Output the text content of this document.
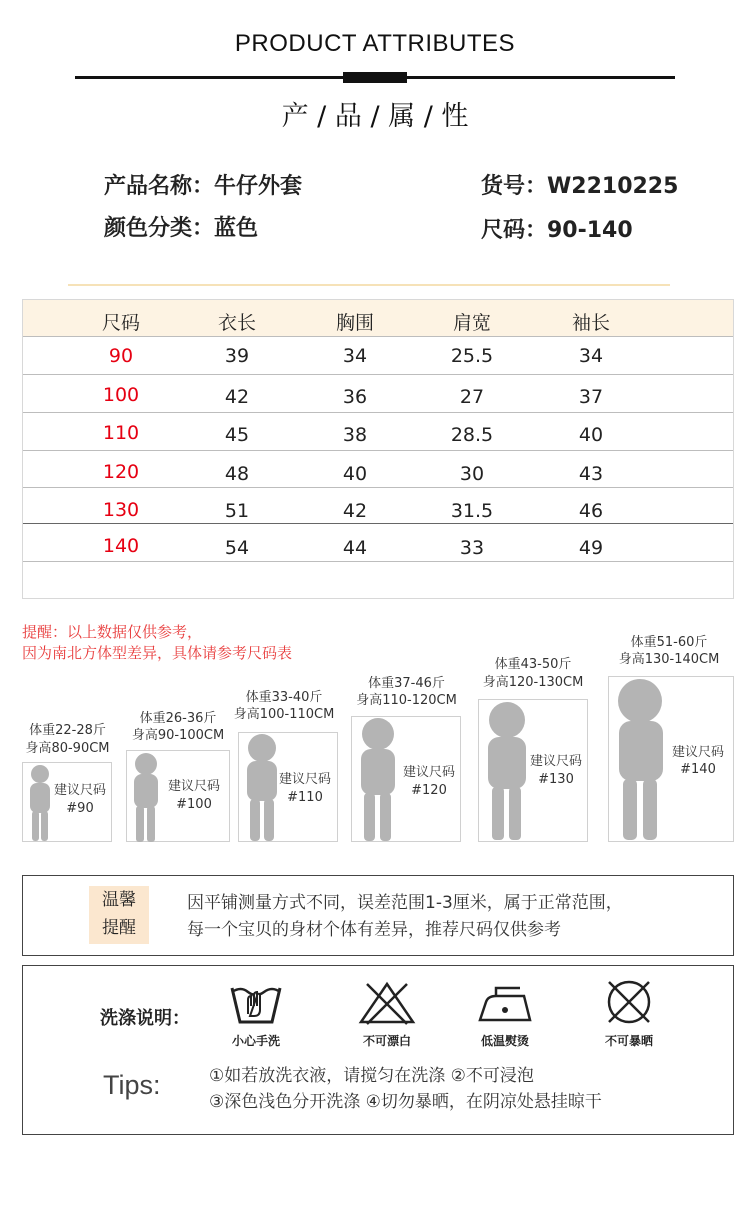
PRODUCT ATTRIBUTES
产 / 品 / 属 / 性
产品名称：牛仔外套	货号：W2210225
颜色分类：蓝色	尺码：90-140
尺码	衣长	胸围	肩宽	袖长
90	39	34	25.5	34
100	42	36	27	37
110	45	38	28.5	40
120	48	40	30	43
130	51	42	31.5	46
140	54	44	33	49
提醒：以上数据仅供参考，
因为南北方体型差异，具体请参考尺码表
体重22-28斤
身高80-90CM
建议尺码
#90
体重26-36斤
身高90-100CM
建议尺码
#100
体重33-40斤
身高100-110CM
建议尺码
#110
体重37-46斤
身高110-120CM
建议尺码
#120
体重43-50斤
身高120-130CM
建议尺码
#130
体重51-60斤
身高130-140CM
建议尺码
#140
温馨
提醒
因平铺测量方式不同，误差范围1-3厘米，属于正常范围，
每一个宝贝的身材个体有差异，推荐尺码仅供参考
洗涤说明：
小心手洗	不可漂白	低温熨烫	不可暴晒
Tips:	①如若放洗衣液，请搅匀在洗涤 ②不可浸泡
③深色浅色分开洗涤 ④切勿暴晒，在阴凉处悬挂晾干
